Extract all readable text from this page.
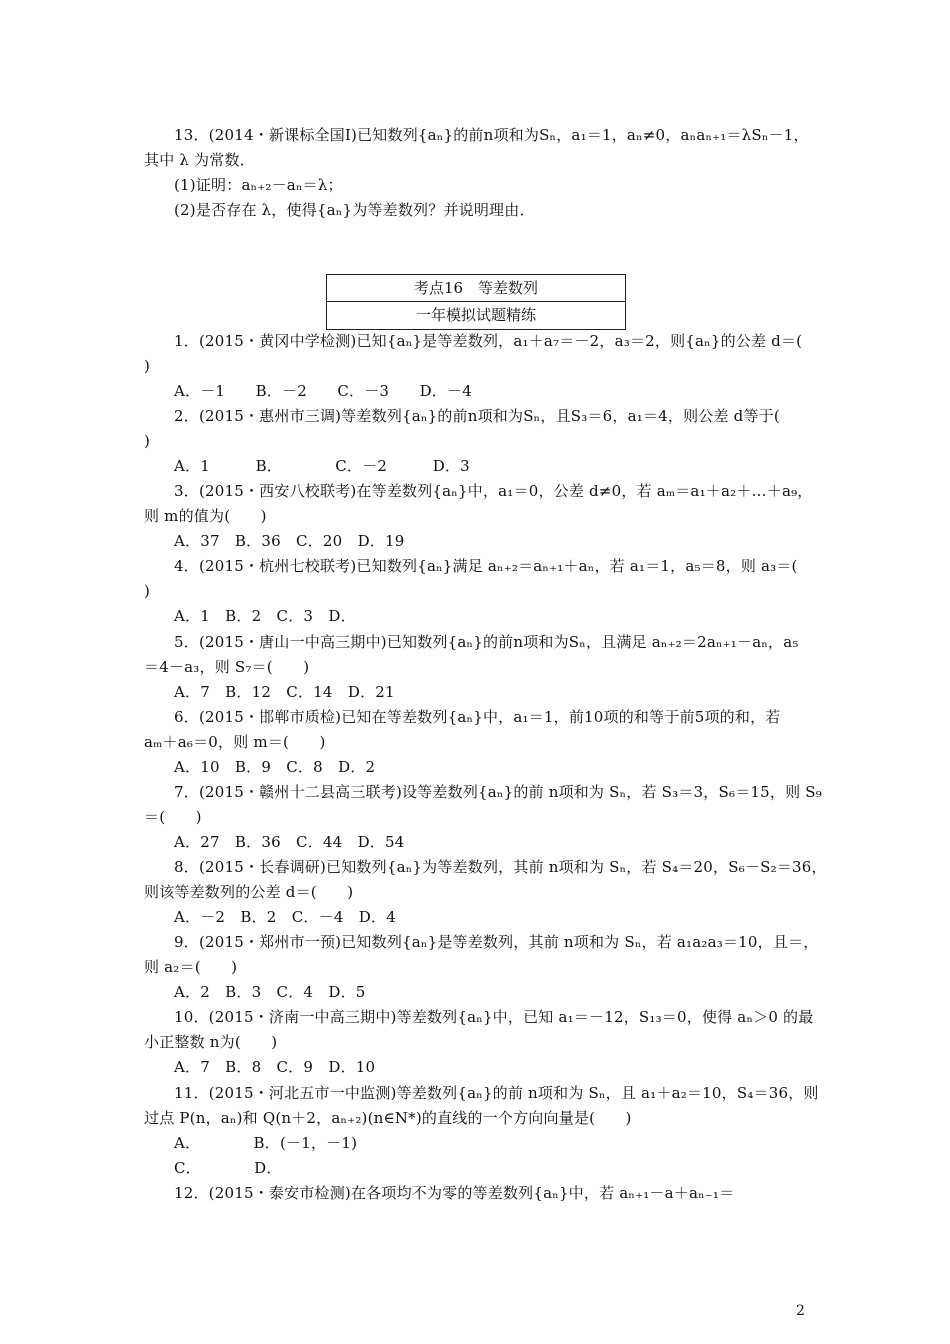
13．(2014・新课标全国Ⅰ)已知数列{aₙ}的前n项和为Sₙ，a₁＝1，aₙ≠0，aₙaₙ₊₁＝λSₙ－1，
其中 λ 为常数．
(1)证明：aₙ₊₂－aₙ＝λ；
(2)是否存在 λ，使得{aₙ}为等差数列？并说明理由．
考点16　等差数列
一年模拟试题精练
1．(2015・黄冈中学检测)已知{aₙ}是等差数列，a₁＋a₇＝－2，a₃＝2，则{aₙ}的公差 d＝(
)
A．－1　　B．－2　　C．－3　　D．－4
2．(2015・惠州市三调)等差数列{aₙ}的前n项和为Sₙ，且S₃＝6，a₁＝4，则公差 d等于(
)
A．1　　　B．　　　　C．－2　　　D．3
3．(2015・西安八校联考)在等差数列{aₙ}中，a₁＝0，公差 d≠0，若 aₘ＝a₁＋a₂＋…＋a₉，
则 m的值为(　　)
A．37　B．36　C．20　D．19
4．(2015・杭州七校联考)已知数列{aₙ}满足 aₙ₊₂＝aₙ₊₁＋aₙ，若 a₁＝1，a₅＝8，则 a₃＝(
)
A．1　B．2　C．3　D．
5．(2015・唐山一中高三期中)已知数列{aₙ}的前n项和为Sₙ，且满足 aₙ₊₂＝2aₙ₊₁－aₙ，a₅
＝4－a₃，则 S₇＝(　　)
A．7　B．12　C．14　D．21
6．(2015・邯郸市质检)已知在等差数列{aₙ}中，a₁＝1，前10项的和等于前5项的和，若
aₘ＋a₆＝0，则 m＝(　　)
A．10　B．9　C．8　D．2
7．(2015・赣州十二县高三联考)设等差数列{aₙ}的前 n项和为 Sₙ，若 S₃＝3，S₆＝15，则 S₉
＝(　　)
A．27　B．36　C．44　D．54
8．(2015・长春调研)已知数列{aₙ}为等差数列，其前 n项和为 Sₙ，若 S₄＝20，S₆－S₂＝36，
则该等差数列的公差 d＝(　　)
A．－2　B．2　C．－4　D．4
9．(2015・郑州市一预)已知数列{aₙ}是等差数列，其前 n项和为 Sₙ，若 a₁a₂a₃＝10，且＝，
则 a₂＝(　　)
A．2　B．3　C．4　D．5
10．(2015・济南一中高三期中)等差数列{aₙ}中，已知 a₁＝－12，S₁₃＝0，使得 aₙ＞0 的最
小正整数 n为(　　)
A．7　B．8　C．9　D．10
11．(2015・河北五市一中监测)等差数列{aₙ}的前 n项和为 Sₙ，且 a₁＋a₂＝10，S₄＝36，则
过点 P(n，aₙ)和 Q(n＋2，aₙ₊₂)(n∈N*)的直线的一个方向向量是(　　)
A．　　　　B．(－1，－1)
C．　　　　D．
12．(2015・泰安市检测)在各项均不为零的等差数列{aₙ}中，若 aₙ₊₁－a＋aₙ₋₁＝
2
